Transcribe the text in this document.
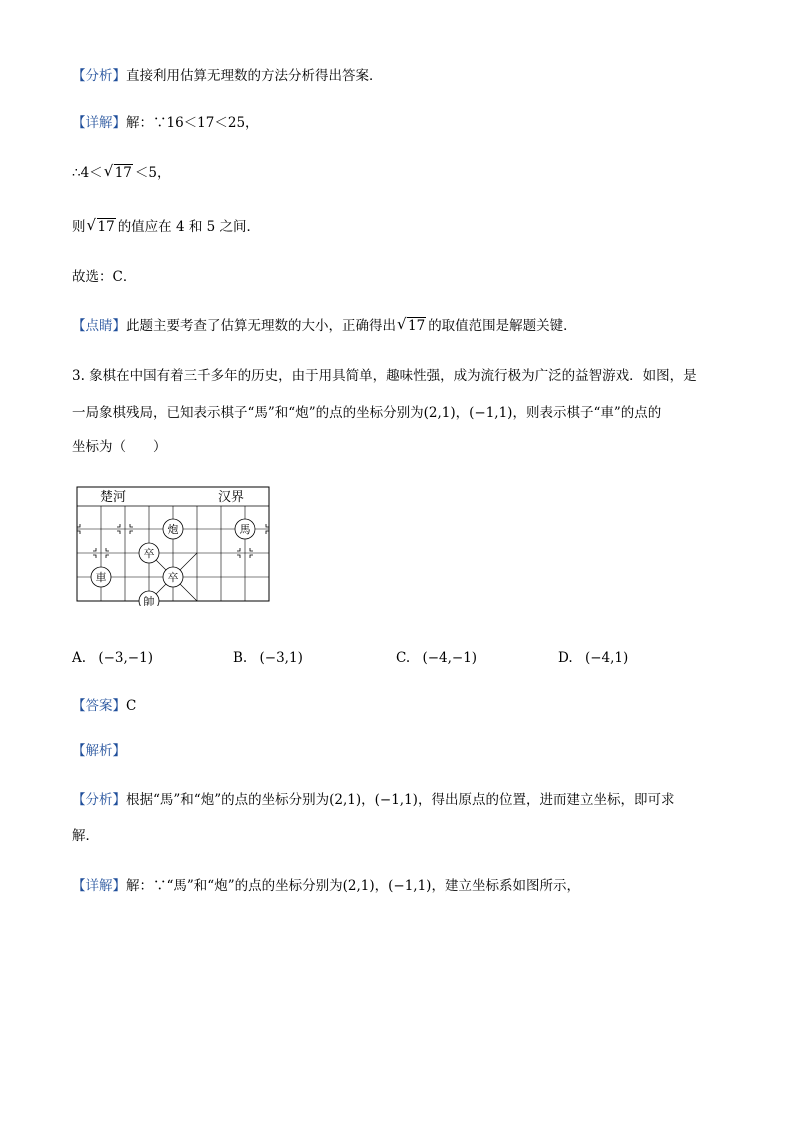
【分析】直接利用估算无理数的方法分析得出答案．
【详解】解：∵16＜17＜25，
∴4＜ √ 17 ＜5，
则 √ 17 的值应在 4 和 5 之间．
故选：C．
【点睛】此题主要考查了估算无理数的大小，正确得出 √ 17 的取值范围是解题关键．
3. 象棋在中国有着三千多年的历史，由于用具简单，趣味性强，成为流行极为广泛的益智游戏．如图，是
一局象棋残局，已知表示棋子“馬”和“炮”的点的坐标分别为(2,1)，(−1,1)，则表示棋子“車”的点的
坐标为（　　）
楚河	汉界
炮	馬
卒
卒
車
帥
A. (−3,−1)	B. (−3,1)	C. (−4,−1)	D. (−4,1)
【答案】C
【解析】
【分析】根据“馬”和“炮”的点的坐标分别为(2,1)，(−1,1)，得出原点的位置，进而建立坐标，即可求
解．
【详解】解：∵“馬”和“炮”的点的坐标分别为(2,1)，(−1,1)，建立坐标系如图所示，
